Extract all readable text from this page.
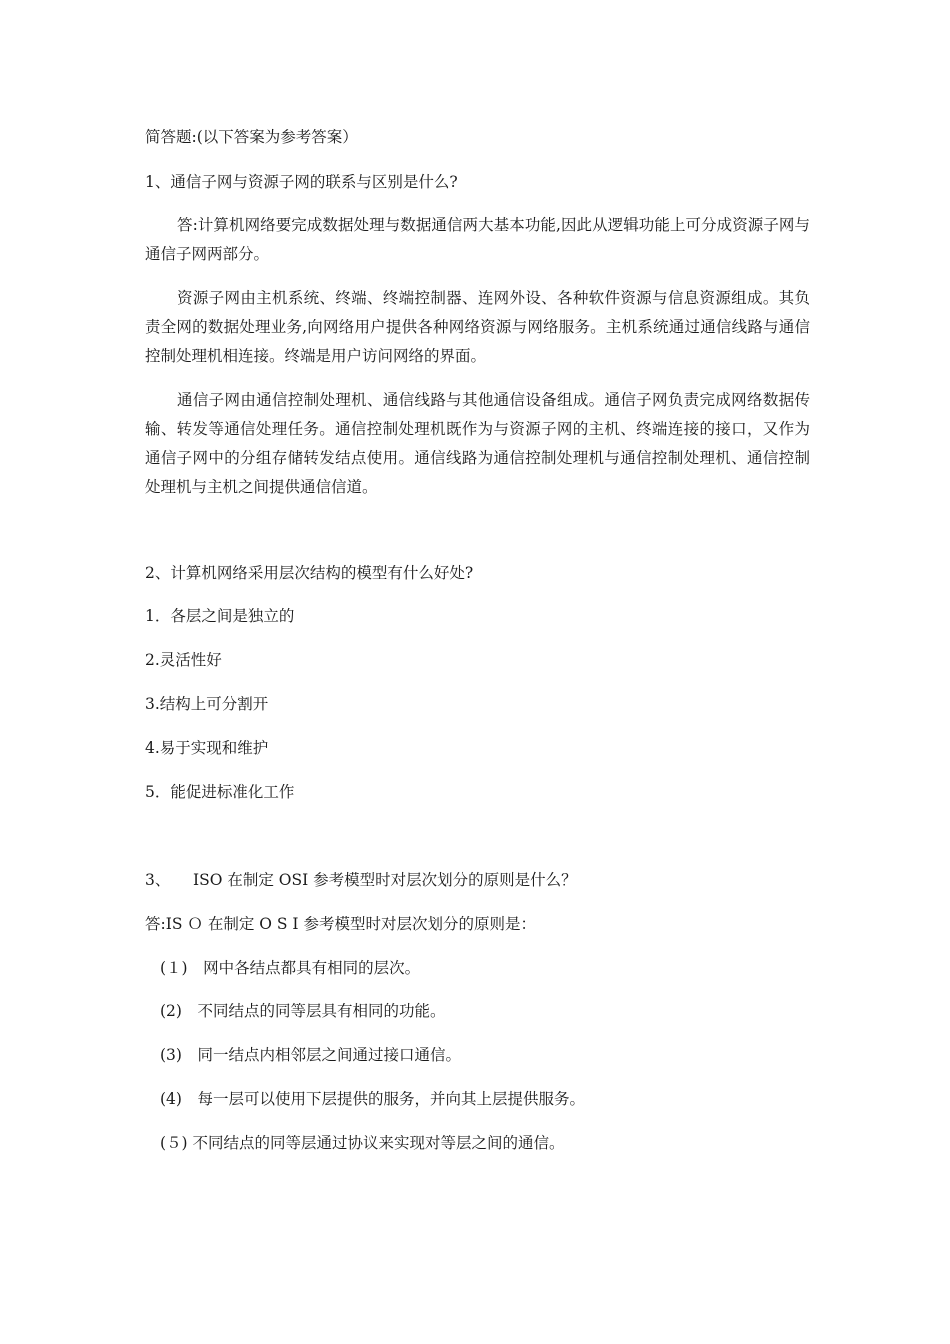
简答题:(以下答案为参考答案）
1、通信子网与资源子网的联系与区别是什么?
答:计算机网络要完成数据处理与数据通信两大基本功能,因此从逻辑功能上可分成资源子网与通信子网两部分。
资源子网由主机系统、终端、终端控制器、连网外设、各种软件资源与信息资源组成。其负责全网的数据处理业务,向网络用户提供各种网络资源与网络服务。主机系统通过通信线路与通信控制处理机相连接。终端是用户访问网络的界面。
通信子网由通信控制处理机、通信线路与其他通信设备组成。通信子网负责完成网络数据传输、转发等通信处理任务。通信控制处理机既作为与资源子网的主机、终端连接的接口，又作为通信子网中的分组存储转发结点使用。通信线路为通信控制处理机与通信控制处理机、通信控制处理机与主机之间提供通信信道。
2、计算机网络采用层次结构的模型有什么好处?
1．各层之间是独立的
2.灵活性好
3.结构上可分割开
4.易于实现和维护
5．能促进标准化工作
3、 ISO 在制定 OSI 参考模型时对层次划分的原则是什么？
答:IS Ｏ 在制定 O S I 参考模型时对层次划分的原则是：
(１)　网中各结点都具有相同的层次。
(2)　不同结点的同等层具有相同的功能。
(3)　同一结点内相邻层之间通过接口通信。
(4)　每一层可以使用下层提供的服务，并向其上层提供服务。
(５) 不同结点的同等层通过协议来实现对等层之间的通信。
